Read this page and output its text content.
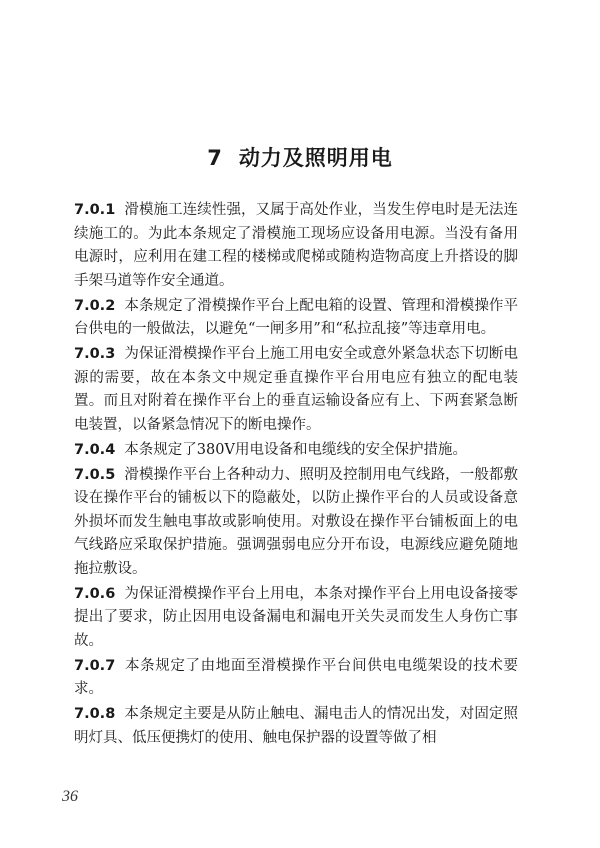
7 动力及照明用电

7.0.1 滑模施工连续性强，又属于高处作业，当发生停电时是无法连续施工的。为此本条规定了滑模施工现场应设备用电源。当没有备用电源时，应利用在建工程的楼梯或爬梯或随构造物高度上升搭设的脚手架马道等作安全通道。

7.0.2 本条规定了滑模操作平台上配电箱的设置、管理和滑模操作平台供电的一般做法，以避免“一闸多用”和“私拉乱接”等违章用电。

7.0.3 为保证滑模操作平台上施工用电安全或意外紧急状态下切断电源的需要，故在本条文中规定垂直操作平台用电应有独立的配电装置。而且对附着在操作平台上的垂直运输设备应有上、下两套紧急断电装置，以备紧急情况下的断电操作。

7.0.4 本条规定了380V用电设备和电缆线的安全保护措施。

7.0.5 滑模操作平台上各种动力、照明及控制用电气线路，一般都敷设在操作平台的铺板以下的隐蔽处，以防止操作平台的人员或设备意外损坏而发生触电事故或影响使用。对敷设在操作平台铺板面上的电气线路应采取保护措施。强调强弱电应分开布设，电源线应避免随地拖拉敷设。

7.0.6 为保证滑模操作平台上用电，本条对操作平台上用电设备接零提出了要求，防止因用电设备漏电和漏电开关失灵而发生人身伤亡事故。

7.0.7 本条规定了由地面至滑模操作平台间供电电缆架设的技术要求。

7.0.8 本条规定主要是从防止触电、漏电击人的情况出发，对固定照明灯具、低压便携灯的使用、触电保护器的设置等做了相

36
